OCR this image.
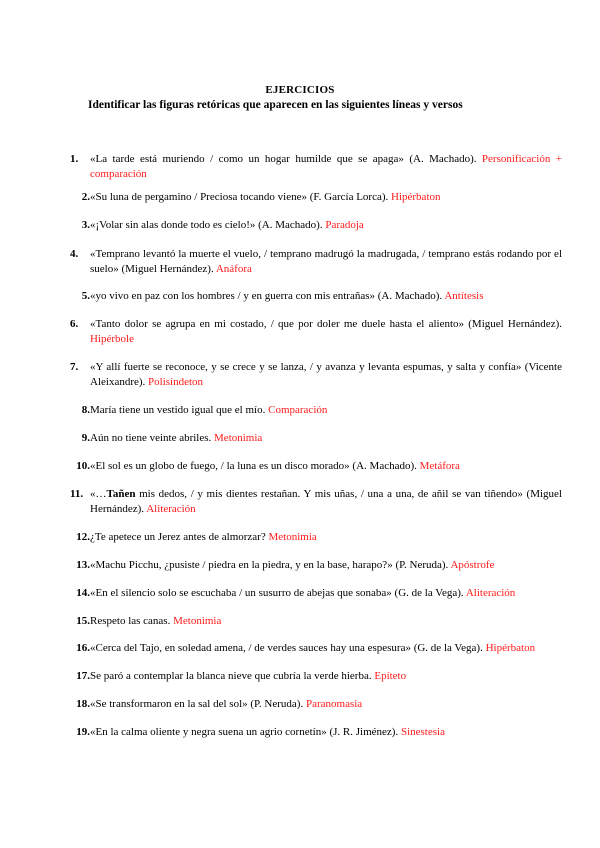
EJERCICIOS
Identificar las figuras retóricas que aparecen en las siguientes líneas y versos
1.	«La tarde está muriendo / como un hogar humilde que se apaga» (A. Machado). Personificación + comparación
2. «Su luna de pergamino / Preciosa tocando viene» (F. García Lorca). Hipérbaton
3. «¡Volar sin alas donde todo es cielo!» (A. Machado). Paradoja
4.	«Temprano levantó la muerte el vuelo, / temprano madrugó la madrugada, / temprano estás rodando por el suelo» (Miguel Hernández). Anáfora
5. «yo vivo en paz con los hombres / y en guerra con mis entrañas» (A. Machado). Antítesis
6.	«Tanto dolor se agrupa en mi costado, / que por doler me duele hasta el aliento» (Miguel Hernández). Hipérbole
7.	«Y allí fuerte se reconoce, y se crece y se lanza, / y avanza y levanta espumas, y salta y confía» (Vicente Aleixandre). Polisíndeton
8. María tiene un vestido igual que el mío. Comparación
9. Aún no tiene veinte abriles. Metonimia
10. «El sol es un globo de fuego, / la luna es un disco morado» (A. Machado). Metáfora
11. «…Tañen mis dedos, / y mis dientes restañan. Y mis uñas, / una a una, de añil se van tiñendo» (Miguel Hernández). Aliteración
12. ¿Te apetece un Jerez antes de almorzar? Metonimia
13. «Machu Picchu, ¿pusiste / piedra en la piedra, y en la base, harapo?» (P. Neruda). Apóstrofe
14. «En el silencio solo se escuchaba / un susurro de abejas que sonaba» (G. de la Vega). Aliteración
15. Respeto las canas. Metonimia
16. «Cerca del Tajo, en soledad amena, / de verdes sauces hay una espesura» (G. de la Vega). Hipérbaton
17. Se paró a contemplar la blanca nieve que cubría la verde hierba. Epíteto
18. «Se transformaron en la sal del sol» (P. Neruda). Paranomasia
19. «En la calma oliente y negra suena un agrio cornetín» (J. R. Jiménez). Sinestesia
